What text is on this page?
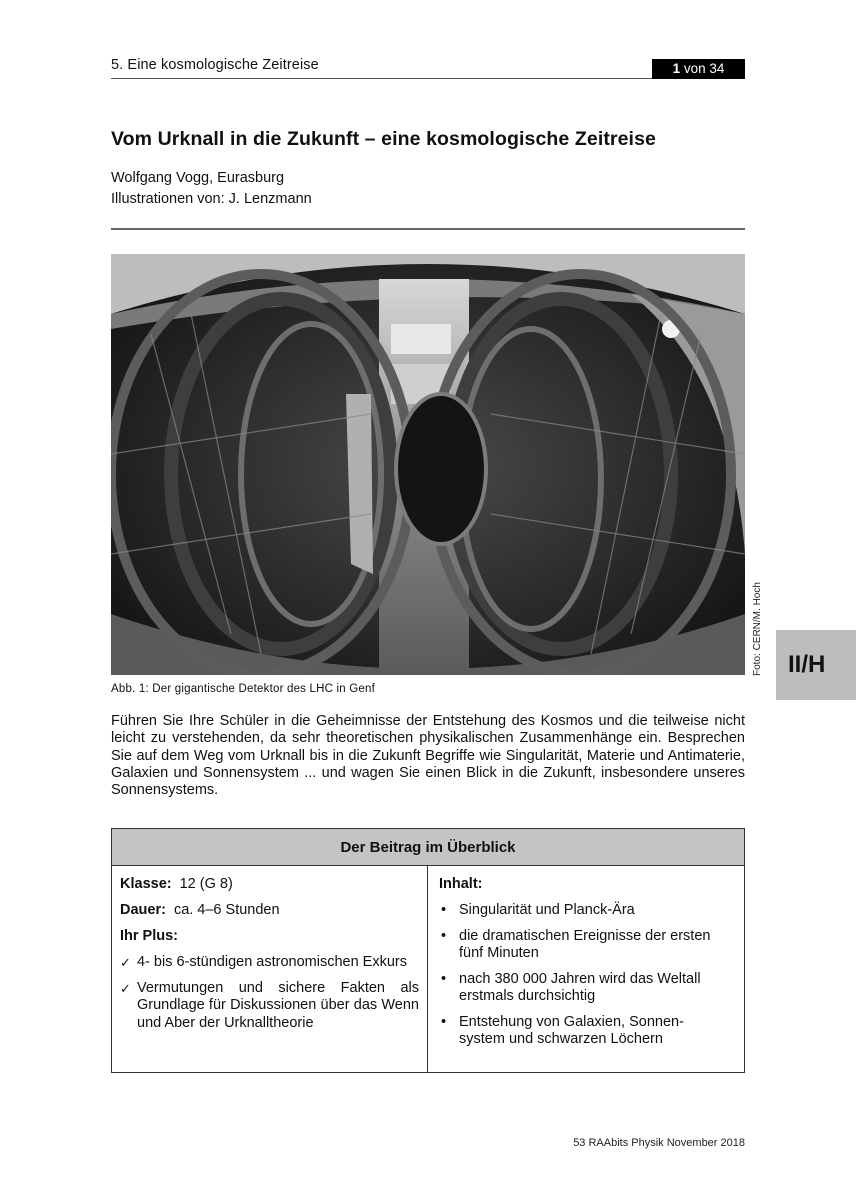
5. Eine kosmologische Zeitreise	1 von 34
Vom Urknall in die Zukunft – eine kosmologische Zeitreise
Wolfgang Vogg, Eurasburg
Illustrationen von: J. Lenzmann
Foto: CERN/M. Hoch	II/H
Abb. 1: Der gigantische Detektor des LHC in Genf

Führen Sie Ihre Schüler in die Geheimnisse der Entstehung des Kosmos und die teilweise nicht leicht zu verstehenden, da sehr theoretischen physikalischen Zusammenhänge ein. Besprechen Sie auf dem Weg vom Urknall bis in die Zukunft Begriffe wie Singularität, Materie und Antimaterie, Galaxien und Sonnensystem ... und wagen Sie einen Blick in die Zukunft, insbesondere unseres Sonnensystems.

Der Beitrag im Überblick
Klasse: 12 (G 8)
Dauer: ca. 4–6 Stunden
Ihr Plus:
✓ 4- bis 6-stündigen astronomischen Exkurs
✓ Vermutungen und sichere Fakten als Grundlage für Diskussionen über das Wenn und Aber der Urknalltheorie
Inhalt:
• Singularität und Planck-Ära
• die dramatischen Ereignisse der ersten fünf Minuten
• nach 380 000 Jahren wird das Weltall erstmals durchsichtig
• Entstehung von Galaxien, Sonnen-system und schwarzen Löchern
53 RAAbits Physik November 2018
